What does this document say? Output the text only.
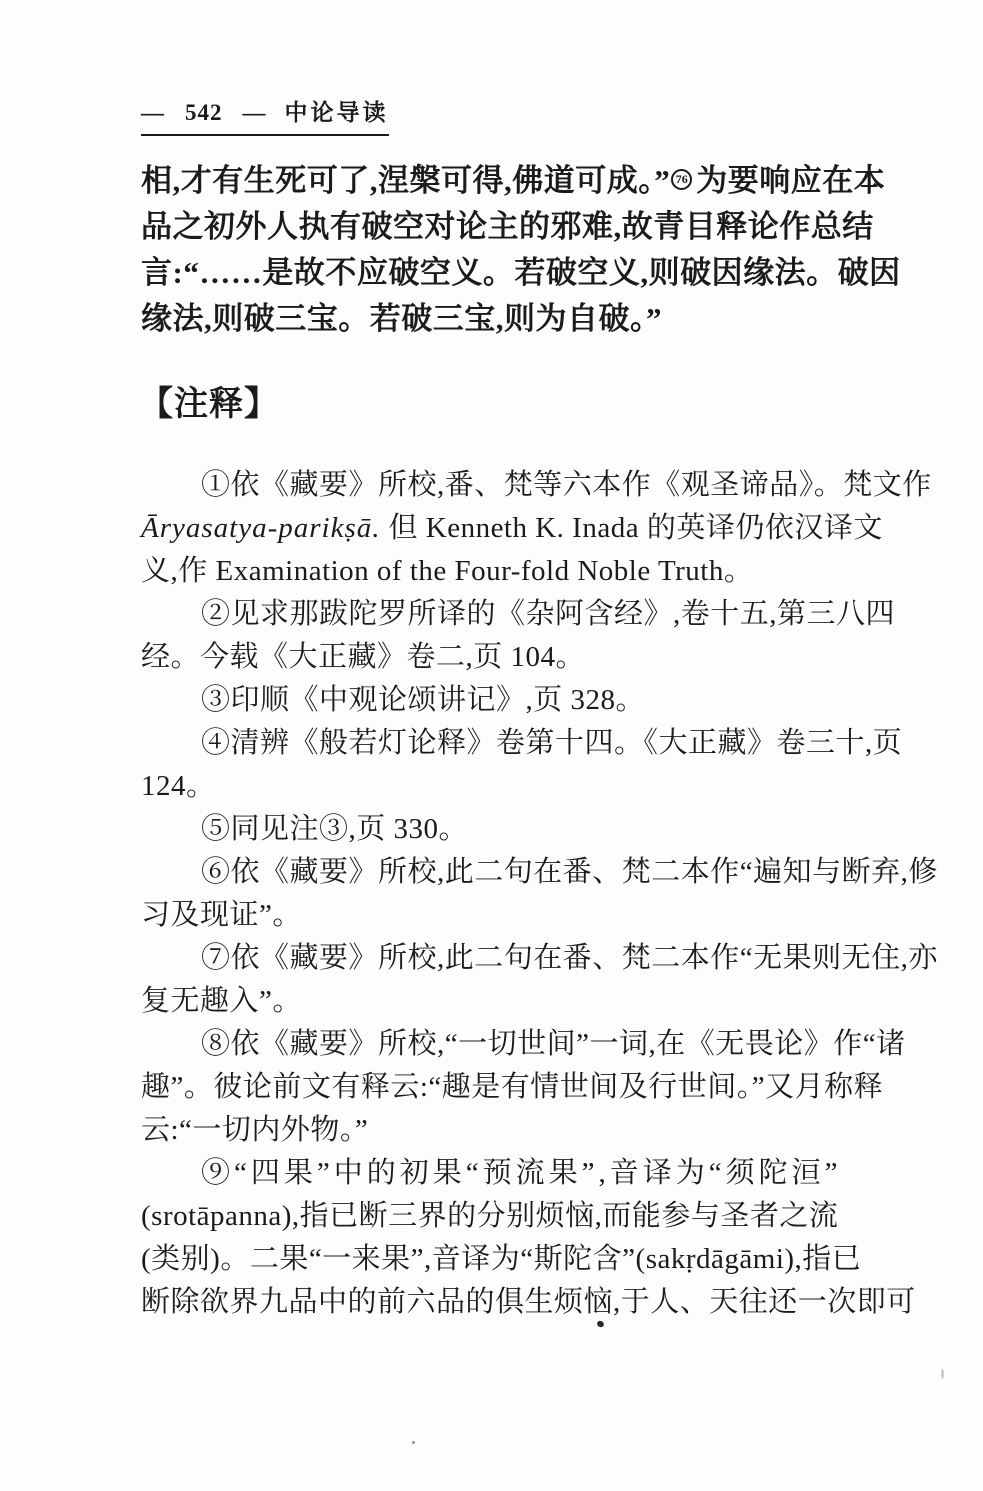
— 542 — 中论导读
相,才有生死可了,涅槃可得,佛道可成。” 76 为要响应在本
品之初外人执有破空对论主的邪难,故青目释论作总结
言:“……是故不应破空义。若破空义,则破因缘法。破因
缘法,则破三宝。若破三宝,则为自破。”
【注释】
①依《藏要》所校,番、梵等六本作《观圣谛品》。梵文作
Āryasatya-parikṣā. 但 Kenneth K. Inada 的英译仍依汉译文
义,作 Examination of the Four-fold Noble Truth。
②见求那跋陀罗所译的《杂阿含经》,卷十五,第三八四
经。今载《大正藏》卷二,页 104。
③印顺《中观论颂讲记》,页 328。
④清辨《般若灯论释》卷第十四。《大正藏》卷三十,页
124。
⑤同见注③,页 330。
⑥依《藏要》所校,此二句在番、梵二本作“遍知与断弃,修
习及现证”。
⑦依《藏要》所校,此二句在番、梵二本作“无果则无住,亦
复无趣入”。
⑧依《藏要》所校,“一切世间”一词,在《无畏论》作“诸
趣”。彼论前文有释云:“趣是有情世间及行世间。”又月称释
云:“一切内外物。”
⑨“四果”中的初果“预流果”,音译为“须陀洹”
(srotāpanna),指已断三界的分别烦恼,而能参与圣者之流
(类别)。二果“一来果”,音译为“斯陀含”(sakṛdāgāmi),指已
断除欲界九品中的前六品的俱生烦恼,于人、天往还一次即可
